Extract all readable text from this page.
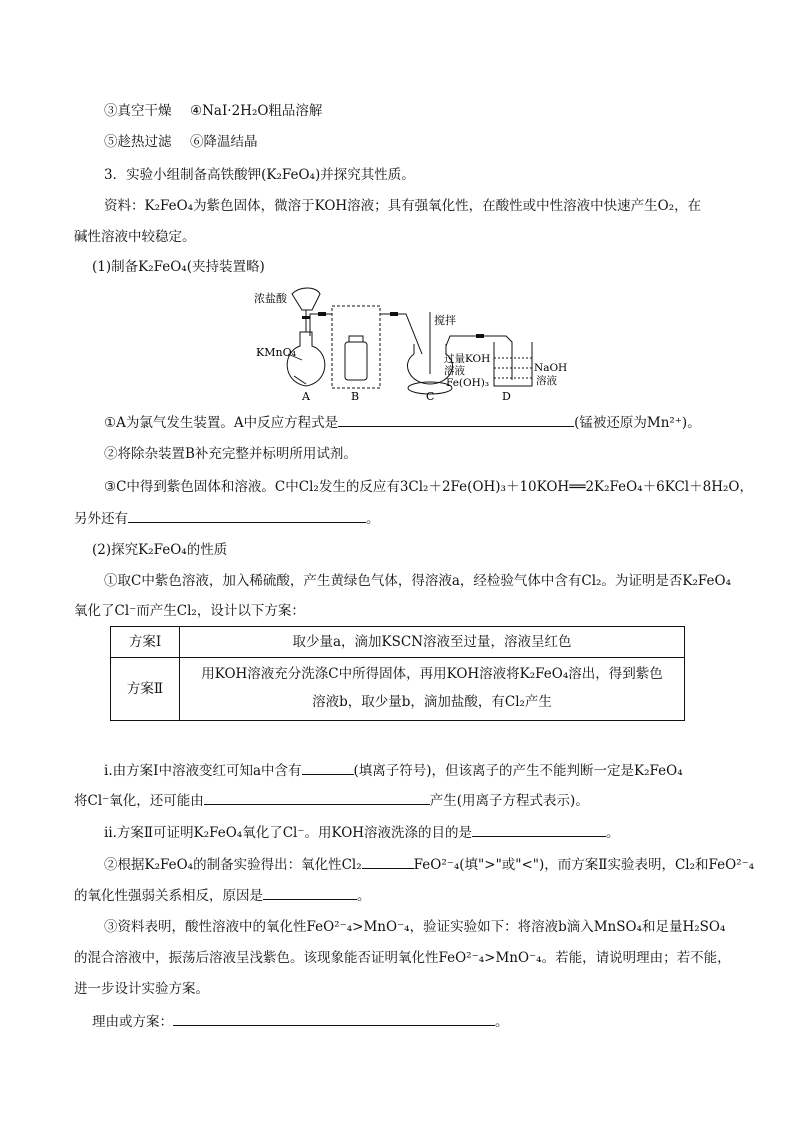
③真空干燥 ④NaI·2H₂O粗品溶解
⑤趁热过滤 ⑥降温结晶
3．实验小组制备高铁酸钾(K₂FeO₄)并探究其性质。
资料：K₂FeO₄为紫色固体，微溶于KOH溶液；具有强氧化性，在酸性或中性溶液中快速产生O₂，在
碱性溶液中较稳定。
(1)制备K₂FeO₄(夹持装置略)
浓盐酸
KMnO₄
A	B
搅拌
过量KOH
溶液
Fe(OH)₃
C
NaOH
溶液
D
①A为氯气发生装置。A中反应方程式是	(锰被还原为Mn²⁺)。
②将除杂装置B补充完整并标明所用试剂。
③C中得到紫色固体和溶液。C中Cl₂发生的反应有3Cl₂＋2Fe(OH)₃＋10KOH══2K₂FeO₄＋6KCl＋8H₂O，
另外还有	。
(2)探究K₂FeO₄的性质
①取C中紫色溶液，加入稀硫酸，产生黄绿色气体，得溶液a，经检验气体中含有Cl₂。为证明是否K₂FeO₄
氧化了Cl⁻而产生Cl₂，设计以下方案：
方案Ⅰ	取少量a，滴加KSCN溶液至过量，溶液呈红色
方案Ⅱ	用KOH溶液充分洗涤C中所得固体，再用KOH溶液将K₂FeO₄溶出，得到紫色
溶液b，取少量b，滴加盐酸，有Cl₂产生
ⅰ.由方案Ⅰ中溶液变红可知a中含有	(填离子符号)，但该离子的产生不能判断一定是K₂FeO₄
将Cl⁻氧化，还可能由	产生(用离子方程式表示)。
ⅱ.方案Ⅱ可证明K₂FeO₄氧化了Cl⁻。用KOH溶液洗涤的目的是	。
②根据K₂FeO₄的制备实验得出：氧化性Cl₂	FeO²⁻₄(填">"或"<")，而方案Ⅱ实验表明，Cl₂和FeO²⁻₄
的氧化性强弱关系相反，原因是	。
③资料表明，酸性溶液中的氧化性FeO²⁻₄>MnO⁻₄，验证实验如下：将溶液b滴入MnSO₄和足量H₂SO₄
的混合溶液中，振荡后溶液呈浅紫色。该现象能否证明氧化性FeO²⁻₄>MnO⁻₄。若能，请说明理由；若不能，
进一步设计实验方案。
理由或方案：	。
